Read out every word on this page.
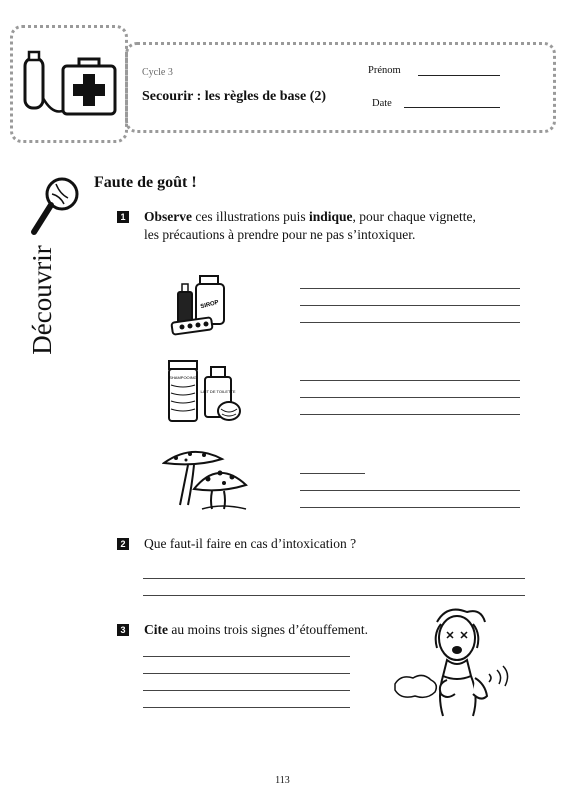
Cycle 3
Secourir : les règles de base (2)
Prénom
Date
Découvrir
Faute de goût !
1 Observe ces illustrations puis indique, pour chaque vignette,
les précautions à prendre pour ne pas s’intoxiquer.
SIROP
SHAMPOOING
LAIT DE TOILETTE
2 Que faut-il faire en cas d’intoxication ?
3 Cite au moins trois signes d’étouffement.
113
